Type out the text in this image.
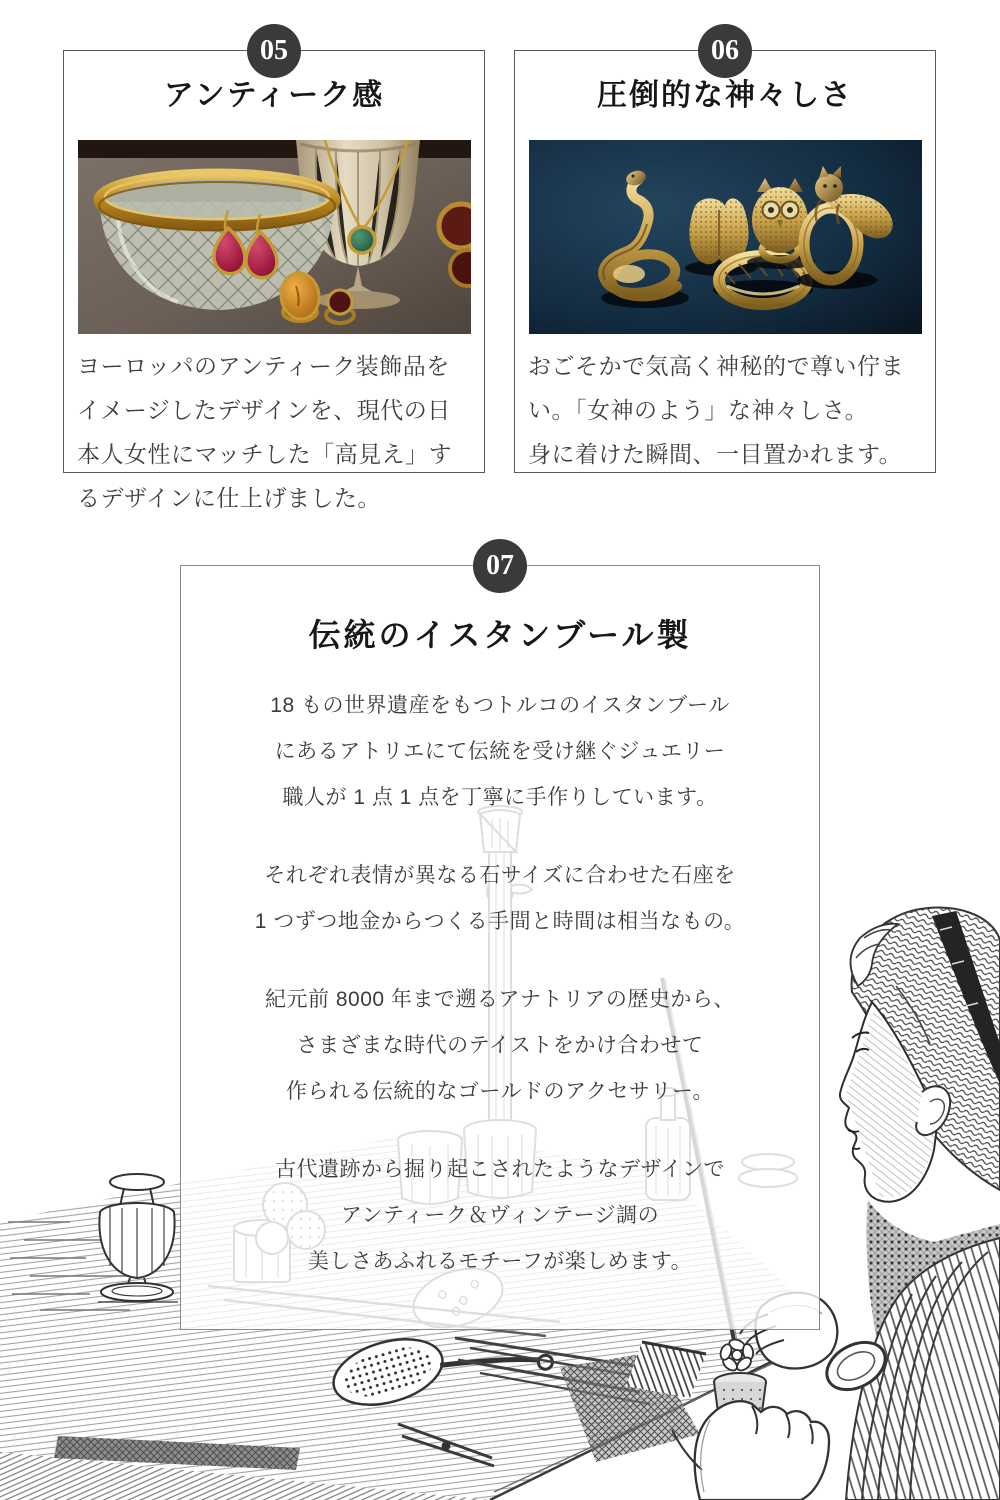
05
アンティーク感

ヨーロッパのアンティーク装飾品を
イメージしたデザインを、現代の日
本人女性にマッチした「高見え」す
るデザインに仕上げました。

06
圧倒的な神々しさ

おごそかで気高く神秘的で尊い佇ま
い。「女神のよう」な神々しさ。
身に着けた瞬間、一目置かれます。

07
伝統のイスタンブール製

18 もの世界遺産をもつトルコのイスタンブール
にあるアトリエにて伝統を受け継ぐジュエリー
職人が 1 点 1 点を丁寧に手作りしています。

それぞれ表情が異なる石サイズに合わせた石座を
1 つずつ地金からつくる手間と時間は相当なもの。

紀元前 8000 年まで遡るアナトリアの歴史から、
さまざまな時代のテイストをかけ合わせて
作られる伝統的なゴールドのアクセサリー。

古代遺跡から掘り起こされたようなデザインで
アンティーク＆ヴィンテージ調の
美しさあふれるモチーフが楽しめます。
